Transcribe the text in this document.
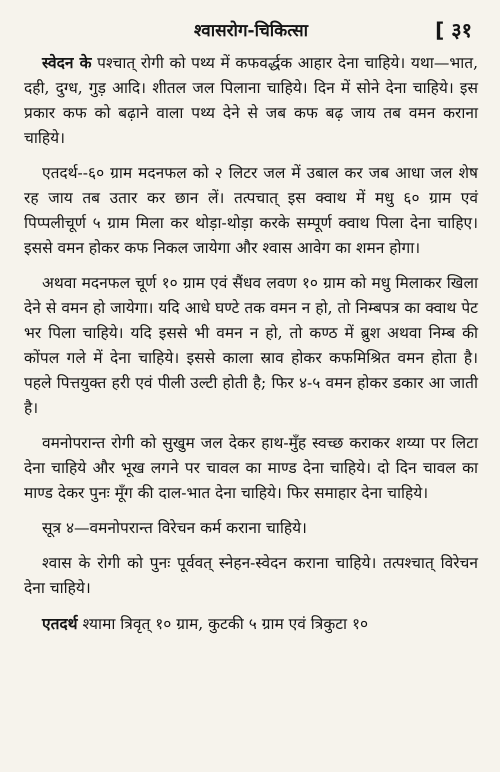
श्वासरोग-चिकित्सा	[ ३१

स्वेदन के पश्चात् रोगी को पथ्य में कफवर्द्धक आहार देना चाहिये। यथा—भात, दही, दुग्ध, गुड़ आदि। शीतल जल पिलाना चाहिये। दिन में सोने देना चाहिये। इस प्रकार कफ को बढ़ाने वाला पथ्य देने से जब कफ बढ़ जाय तब वमन कराना चाहिये।

एतदर्थ--६० ग्राम मदनफल को २ लिटर जल में उबाल कर जब आधा जल शेष रह जाय तब उतार कर छान लें। तत्पचात् इस क्वाथ में मधु ६० ग्राम एवं पिप्पलीचूर्ण ५ ग्राम मिला कर थोड़ा-थोड़ा करके सम्पूर्ण क्वाथ पिला देना चाहिए। इससे वमन होकर कफ निकल जायेगा और श्वास आवेग का शमन होगा।

अथवा मदनफल चूर्ण १० ग्राम एवं सैंधव लवण १० ग्राम को मधु मिलाकर खिला देने से वमन हो जायेगा। यदि आधे घण्टे तक वमन न हो, तो निम्बपत्र का क्वाथ पेट भर पिला चाहिये। यदि इससे भी वमन न हो, तो कण्ठ में ब्रुश अथवा निम्ब की कोंपल गले में देना चाहिये। इससे काला स्राव होकर कफमिश्रित वमन होता है। पहले पित्तयुक्त हरी एवं पीली उल्टी होती है; फिर ४-५ वमन होकर डकार आ जाती है।

वमनोपरान्त रोगी को सुखुम जल देकर हाथ-मुँह स्वच्छ कराकर शय्या पर लिटा देना चाहिये और भूख लगने पर चावल का माण्ड देना चाहिये। दो दिन चावल का माण्ड देकर पुनः मूँग की दाल-भात देना चाहिये। फिर समाहार देना चाहिये।

सूत्र ४—वमनोपरान्त विरेचन कर्म कराना चाहिये।

श्वास के रोगी को पुनः पूर्ववत् स्नेहन-स्वेदन कराना चाहिये। तत्पश्चात् विरेचन देना चाहिये।

एतदर्थ श्यामा त्रिवृत् १० ग्राम, कुटकी ५ ग्राम एवं त्रिकुटा १०
